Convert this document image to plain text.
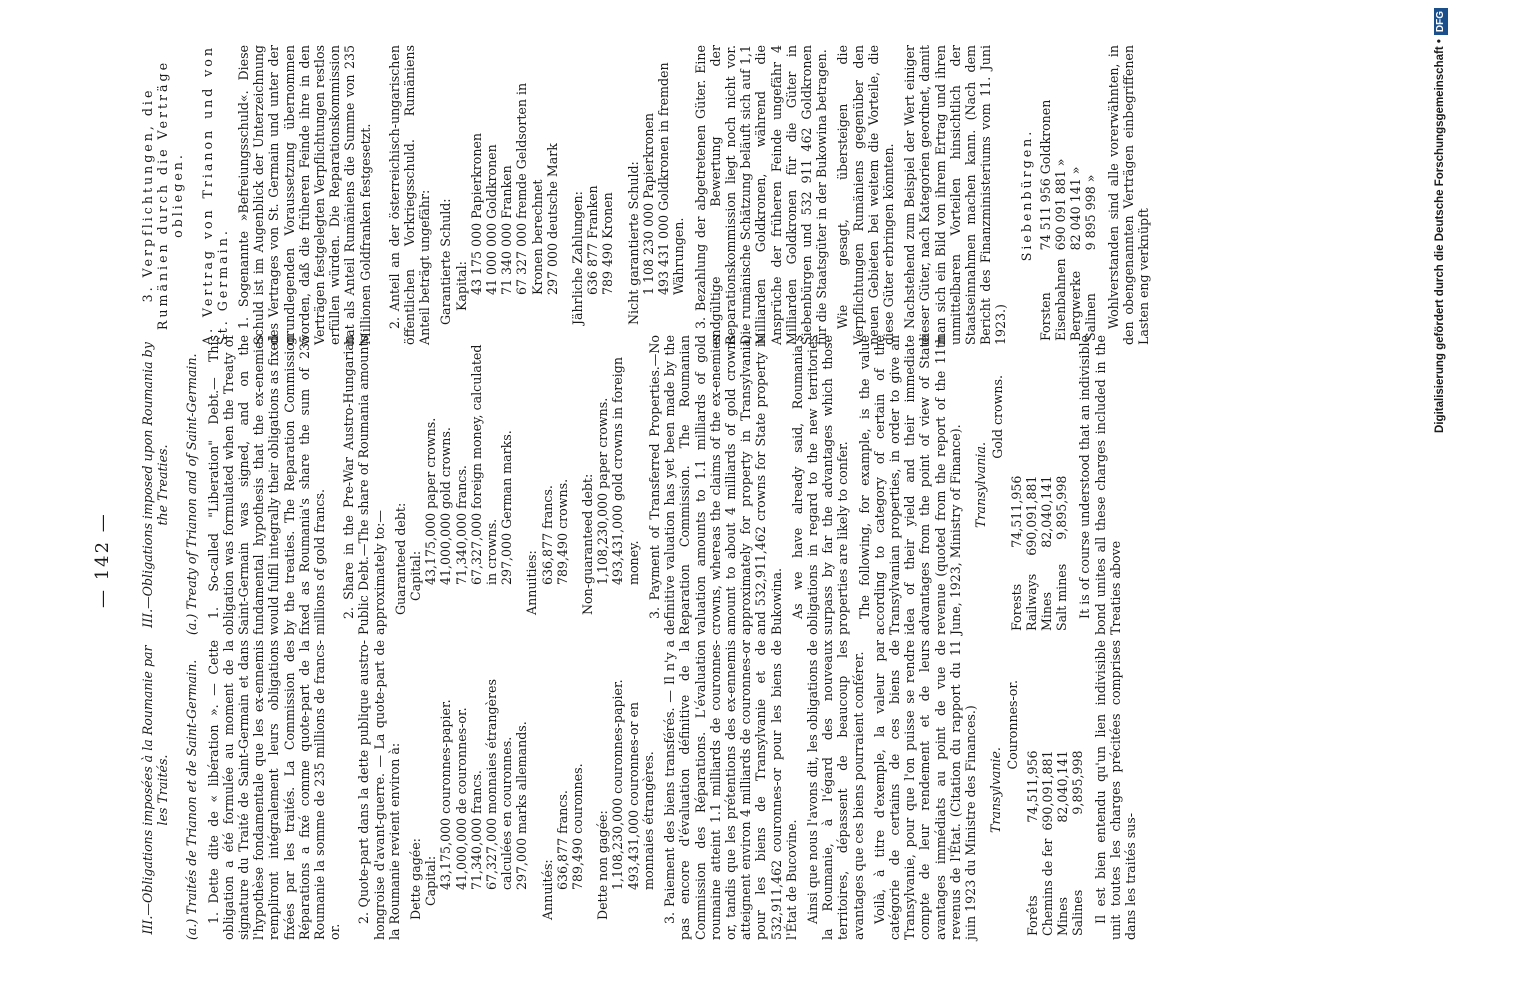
— 142 —
III.—Obligations imposées à la Roumanie par les Traités. (a.) Traités de Trianon et de Saint-Germain. 1. Dette dite de « libération ». — Cette obligation a été formulée au moment de la signature du Traité de Saint-Germain et dans l'hypothèse fondamentale que les ex-ennemis rempliront intégralement leurs obligations fixées par les traités. La Commission des Réparations a fixé comme quote-part de la Roumanie la somme de 235 millions de francs-or.
2. Quote-part dans la dette publique austro-hongroise d'avant-guerre. — La quote-part de la Roumanie revient environ à: Dette gagée: Capital: 43,175,000 couronnes-papier. 41,000,000 de couronnes-or. 71,340,000 francs. 67,327,000 monnaies étrangères calculées en couronnes. 297,000 marks allemands. Annuités: 636,877 francs. 789,490 couronnes. Dette non gagée: 1,108,230,000 couronnes-papier. 493,431,000 couronnes-or en monnaies étrangères. 3. Paiement des biens transférés. — Il n'y a pas encore d'évaluation définitive de la Commission des Réparations. L'évaluation roumaine atteint 1.1 milliards de couronnes-or, tandis que les prétentions des ex-ennemis atteignent environ 4 milliards de couronnes-or pour les biens de Transylvanie et de 532,911,462 couronnes-or pour les biens de l'État de Bucovine. Ainsi que nous l'avons dit, les obligations de la Roumanie, à l'égard des nouveaux territoires, dépassent de beaucoup les avantages que ces biens pourraient conférer. Voilà, à titre d'exemple, la valeur par catégorie de certains de ces biens de Transylvanie, pour que l'on puisse se rendre compte de leur rendement et de leurs avantages immédiats au point de vue de revenus de l'État. (Citation du rapport du 11 juin 1923 du Ministre des Finances.) Transylvanie.
Couronnes-or.
Forêts	74,511,956
Chemins de fer	690,091,881
Mines	82,040,141
Salines	9,895,998 Il est bien entendu qu'un lien indivisible unit toutes les charges précitées comprises dans les traités sus-
III.—Obligations imposed upon Roumania by the Treaties. (a.) Treaty of Trianon and of Saint-Germain. 1. So-called "Liberation" Debt.— This obligation was formulated when the Treaty of Saint-Germain was signed, and on the fundamental hypothesis that the ex-enemies would fulfil integrally their obligations as fixed by the treaties. The Reparation Commission fixed as Roumania's share the sum of 235 millions of gold francs. 2. Share in the Pre-War Austro-Hungarian Public Debt.—The share of Roumania amounts approximately to:— Guaranteed debt: Capital: 43,175,000 paper crowns. 41,000,000 gold crowns. 71,340,000 francs. 67,327,000 foreign money, calculated in crowns. 297,000 German marks. Annuities: 636,877 francs. 789,490 crowns. Non-guaranteed debt: 1,108,230,000 paper crowns. 493,431,000 gold crowns in foreign money. 3. Payment of Transferred Properties.—No definitive valuation has yet been made by the Reparation Commission. The Roumanian valuation amounts to 1.1 milliards of gold crowns, whereas the claims of the ex-enemies amount to about 4 milliards of gold crowns approximately for property in Transylvania, and 532,911,462 crowns for State property in Bukowina. As we have already said, Roumania's obligations in regard to the new territories surpass by far the advantages which those properties are likely to confer. The following, for example, is the value according to category of certain of the Transylvanian properties, in order to give an idea of their yield and their immediate advantages from the point of view of State revenue (quoted from the report of the 11th June, 1923, Ministry of Finance). Transylvania.
Gold crowns.
Forests	74,511,956
Railways	690,091,881
Mines	82,040,141
Salt mines	9,895,998 It is of course understood that an indivisible bond unites all these charges included in the Treaties above
3. Verpflichtungen, die Rumänien durch die Verträge obliegen. A. Vertrag von Trianon und von St. Germain. 1. Sogenannte »Befreiungsschuld«. Diese Schuld ist im Augenblick der Unterzeichnung des Vertrages von St. Germain und unter der grundlegenden Voraussetzung übernommen worden, daß die früheren Feinde ihre in den Verträgen festgelegten Verpflichtungen restlos erfüllen würden. Die Reparationskommission hat als Anteil Rumäniens die Summe von 235 Millionen Goldfranken festgesetzt. 2. Anteil an der österreichisch-ungarischen öffentlichen Vorkriegsschuld. Rumäniens Anteil beträgt ungefähr: Garantierte Schuld: Kapital: 43 175 000 Papierkronen 41 000 000 Goldkronen 71 340 000 Franken 67 327 000 fremde Geldsorten in Kronen berechnet 297 000 deutsche Mark Jährliche Zahlungen: 636 877 Franken 789 490 Kronen Nicht garantierte Schuld: 1 108 230 000 Papierkronen 493 431 000 Goldkronen in fremden Währungen. 3. Bezahlung der abgetretenen Güter. Eine endgültige Bewertung der Reparationskommission liegt noch nicht vor. Die rumänische Schätzung beläuft sich auf 1,1 Milliarden Goldkronen, während die Ansprüche der früheren Feinde ungefähr 4 Milliarden Goldkronen für die Güter in Siebenbürgen und 532 911 462 Goldkronen für die Staatsgüter in der Bukowina betragen. Wie gesagt, übersteigen die Verpflichtungen Rumäniens gegenüber den neuen Gebieten bei weitem die Vorteile, die diese Güter erbringen könnten. Nachstehend zum Beispiel der Wert einiger dieser Güter, nach Kategorien geordnet, damit man sich ein Bild von ihrem Ertrag und ihren unmittelbaren Vorteilen hinsichtlich der Staatseinnahmen machen kann. (Nach dem Bericht des Finanzministeriums vom 11. Juni 1923.)
Siebenbürgen.
Forsten	74 511 956 Goldkronen
Eisenbahnen	690 091 881 »
Bergwerke	82 040 141 »
Salinen	9 895 998 » Wohlverstanden sind alle vorerwähnten, in den obengenannten Verträgen einbegriffenen Lasten eng verknüpft	Digitalisierung gefördert durch die Deutsche Forschungsgemeinschaft •DFG
